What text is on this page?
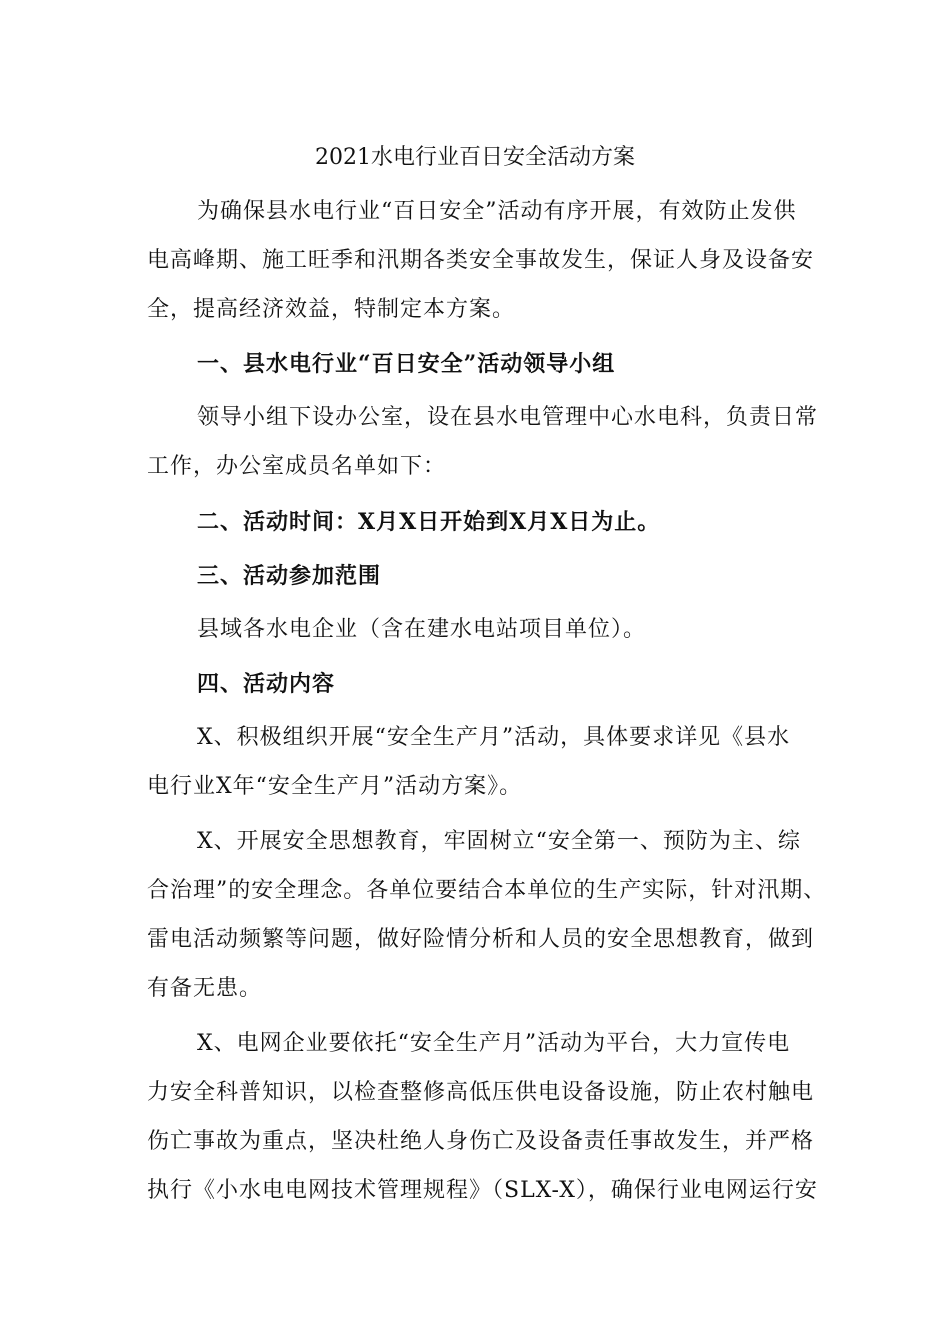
2021水电行业百日安全活动方案
为确保县水电行业“百日安全”活动有序开展，有效防止发供
电高峰期、施工旺季和汛期各类安全事故发生，保证人身及设备安
全，提高经济效益，特制定本方案。
一、县水电行业“百日安全”活动领导小组
领导小组下设办公室，设在县水电管理中心水电科，负责日常
工作，办公室成员名单如下：
二、活动时间：X月X日开始到X月X日为止。
三、活动参加范围
县域各水电企业（含在建水电站项目单位）。
四、活动内容
X、积极组织开展“安全生产月”活动，具体要求详见《县水
电行业X年“安全生产月”活动方案》。
X、开展安全思想教育，牢固树立“安全第一、预防为主、综
合治理”的安全理念。各单位要结合本单位的生产实际，针对汛期、
雷电活动频繁等问题，做好险情分析和人员的安全思想教育，做到
有备无患。
X、电网企业要依托“安全生产月”活动为平台，大力宣传电
力安全科普知识，以检查整修高低压供电设备设施，防止农村触电
伤亡事故为重点，坚决杜绝人身伤亡及设备责任事故发生，并严格
执行《小水电电网技术管理规程》（SLX-X），确保行业电网运行安
